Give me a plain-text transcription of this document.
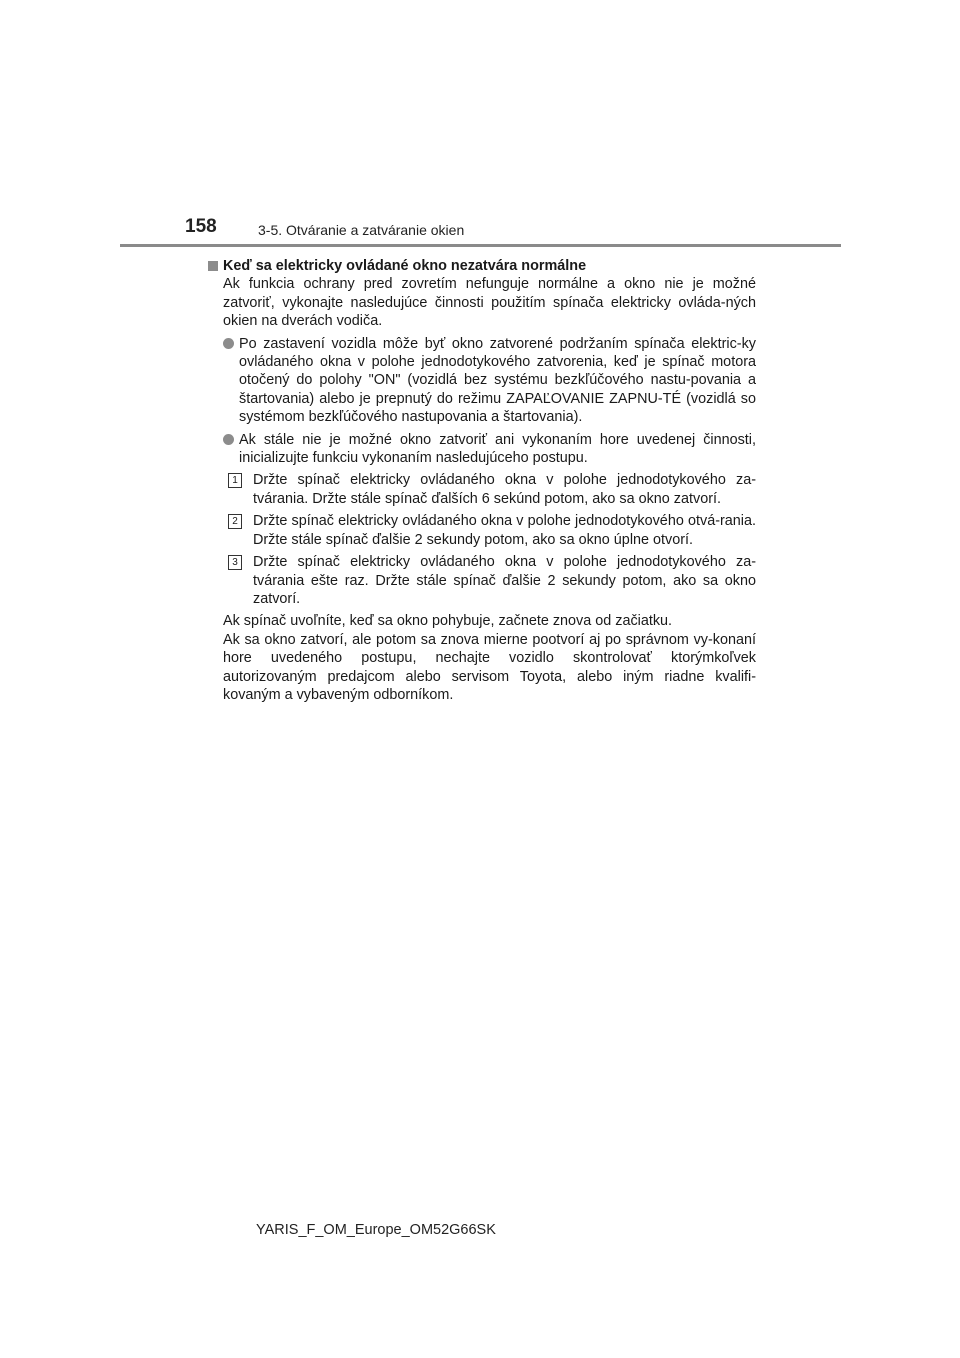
158	3-5. Otváranie a zatváranie okien
Keď sa elektricky ovládané okno nezatvára normálne
Ak funkcia ochrany pred zovretím nefunguje normálne a okno nie je možné zatvoriť, vykonajte nasledujúce činnosti použitím spínača elektricky ovláda-ných okien na dverách vodiča.
Po zastavení vozidla môže byť okno zatvorené podržaním spínača elektric-ky ovládaného okna v polohe jednodotykového zatvorenia, keď je spínač motora otočený do polohy "ON" (vozidlá bez systému bezkľúčového nastu-povania a štartovania) alebo je prepnutý do režimu ZAPAĽOVANIE ZAPNU-TÉ (vozidlá so systémom bezkľúčového nastupovania a štartovania).
Ak stále nie je možné okno zatvoriť ani vykonaním hore uvedenej činnosti, inicializujte funkciu vykonaním nasledujúceho postupu.
1 Držte spínač elektricky ovládaného okna v polohe jednodotykového za-tvárania. Držte stále spínač ďalších 6 sekúnd potom, ako sa okno zatvorí.
2 Držte spínač elektricky ovládaného okna v polohe jednodotykového otvá-rania. Držte stále spínač ďalšie 2 sekundy potom, ako sa okno úplne otvorí.
3 Držte spínač elektricky ovládaného okna v polohe jednodotykového za-tvárania ešte raz. Držte stále spínač ďalšie 2 sekundy potom, ako sa okno zatvorí.
Ak spínač uvoľníte, keď sa okno pohybuje, začnete znova od začiatku.
Ak sa okno zatvorí, ale potom sa znova mierne pootvorí aj po správnom vy-konaní hore uvedeného postupu, nechajte vozidlo skontrolovať ktorýmkoľvek autorizovaným predajcom alebo servisom Toyota, alebo iným riadne kvalifi-kovaným a vybaveným odborníkom.
YARIS_F_OM_Europe_OM52G66SK
